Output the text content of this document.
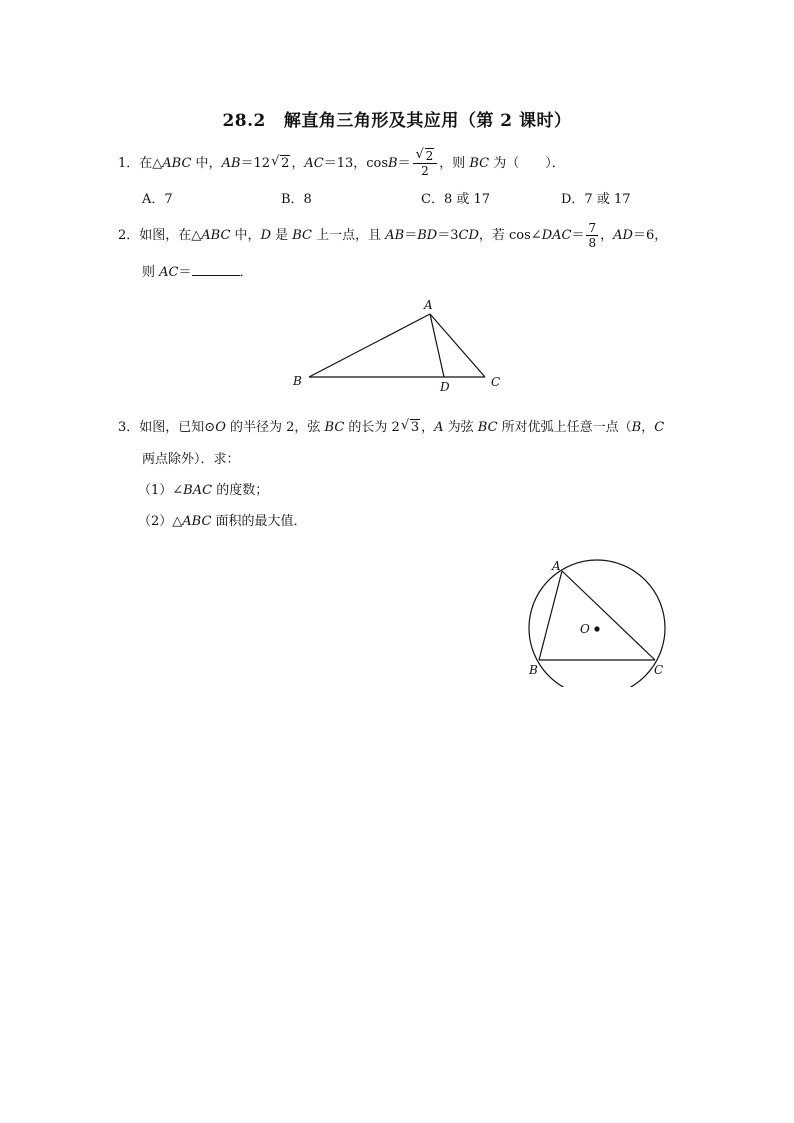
28.2 解直角三角形及其应用（第 2 课时）
1．在△ABC 中，AB＝12 √ 2 ，AC＝13，$\cos B= \frac{√ 2}{2}$ ，则 BC 为（　　）．
A．7	B．8	C．8 或 17	D．7 或 17
2．如图，在△ABC 中，D 是 BC 上一点，且 AB＝BD＝3CD，若 cos∠DAC＝ $\frac{7}{8}$ ，AD＝6，
则 AC＝	．
A
B	C
D
3．如图，已知⊙O 的半径为 2，弦 BC 的长为 2 √ 3 ，A 为弦 BC 所对优弧上任意一点（B，C
两点除外）．求：
（1）∠BAC 的度数；
（2）△ABC 面积的最大值．
A
B	C
O
